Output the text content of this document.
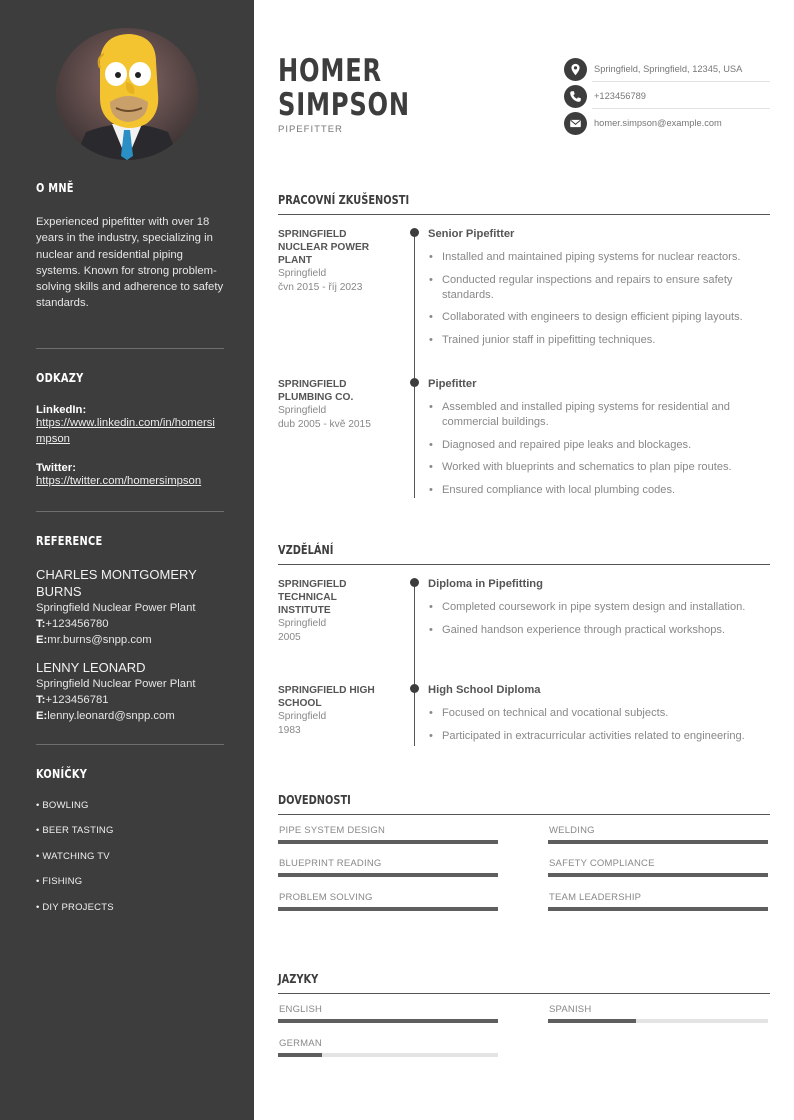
O MNĚ
Experienced pipefitter with over 18 years in the industry, specializing in nuclear and residential piping systems. Known for strong problem-solving skills and adherence to safety standards.
ODKAZY
LinkedIn:
https://www.linkedin.com/in/homersimpson
Twitter:
https://twitter.com/homersimpson
REFERENCE
CHARLES MONTGOMERY BURNS
Springfield Nuclear Power Plant
T:+123456780
E:mr.burns@snpp.com
LENNY LEONARD
Springfield Nuclear Power Plant
T:+123456781
E:lenny.leonard@snpp.com
KONÍČKY
• BOWLING
• BEER TASTING
• WATCHING TV
• FISHING
• DIY PROJECTS
HOMER
SIMPSON
PIPEFITTER
Springfield, Springfield, 12345, USA
+123456789
homer.simpson@example.com
PRACOVNÍ ZKUŠENOSTI
SPRINGFIELD NUCLEAR POWER PLANT
Springfield
čvn 2015 - říj 2023
Senior Pipefitter
• Installed and maintained piping systems for nuclear reactors.
• Conducted regular inspections and repairs to ensure safety standards.
• Collaborated with engineers to design efficient piping layouts.
• Trained junior staff in pipefitting techniques.
SPRINGFIELD PLUMBING CO.
Springfield
dub 2005 - kvě 2015
Pipefitter
• Assembled and installed piping systems for residential and commercial buildings.
• Diagnosed and repaired pipe leaks and blockages.
• Worked with blueprints and schematics to plan pipe routes.
• Ensured compliance with local plumbing codes.
VZDĚLÁNÍ
SPRINGFIELD TECHNICAL INSTITUTE
Springfield
2005
Diploma in Pipefitting
• Completed coursework in pipe system design and installation.
• Gained handson experience through practical workshops.
SPRINGFIELD HIGH SCHOOL
Springfield
1983
High School Diploma
• Focused on technical and vocational subjects.
• Participated in extracurricular activities related to engineering.
DOVEDNOSTI
PIPE SYSTEM DESIGN	WELDING
BLUEPRINT READING	SAFETY COMPLIANCE
PROBLEM SOLVING	TEAM LEADERSHIP
JAZYKY
ENGLISH	SPANISH
GERMAN
